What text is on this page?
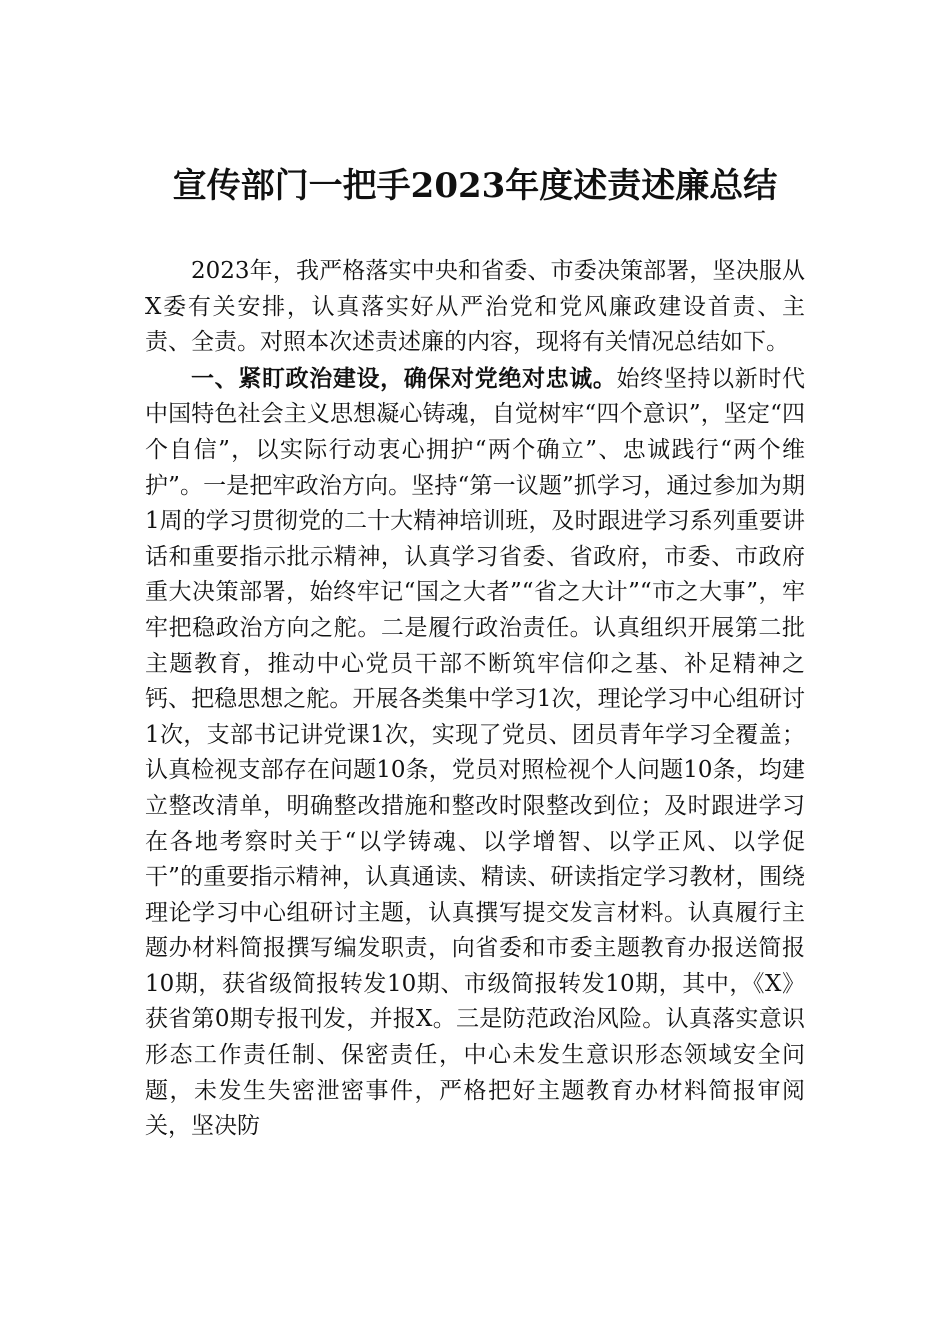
宣传部门一把手2023年度述责述廉总结

2023年，我严格落实中央和省委、市委决策部署，坚决服从X委有关安排，认真落实好从严治党和党风廉政建设首责、主责、全责。对照本次述责述廉的内容，现将有关情况总结如下。

一、紧盯政治建设，确保对党绝对忠诚。始终坚持以新时代中国特色社会主义思想凝心铸魂，自觉树牢“四个意识”，坚定“四个自信”，以实际行动衷心拥护“两个确立”、忠诚践行“两个维护”。一是把牢政治方向。坚持“第一议题”抓学习，通过参加为期1周的学习贯彻党的二十大精神培训班，及时跟进学习系列重要讲话和重要指示批示精神，认真学习省委、省政府，市委、市政府重大决策部署，始终牢记“国之大者”“省之大计”“市之大事”，牢牢把稳政治方向之舵。二是履行政治责任。认真组织开展第二批主题教育，推动中心党员干部不断筑牢信仰之基、补足精神之钙、把稳思想之舵。开展各类集中学习1次，理论学习中心组研讨1次，支部书记讲党课1次，实现了党员、团员青年学习全覆盖；认真检视支部存在问题10条，党员对照检视个人问题10条，均建立整改清单，明确整改措施和整改时限整改到位；及时跟进学习在各地考察时关于“以学铸魂、以学增智、以学正风、以学促干”的重要指示精神，认真通读、精读、研读指定学习教材，围绕理论学习中心组研讨主题，认真撰写提交发言材料。认真履行主题办材料简报撰写编发职责，向省委和市委主题教育办报送简报10期，获省级简报转发10期、市级简报转发10期，其中，《X》获省第0期专报刊发，并报X。三是防范政治风险。认真落实意识形态工作责任制、保密责任，中心未发生意识形态领域安全问题，未发生失密泄密事件，严格把好主题教育办材料简报审阅关，坚决防
